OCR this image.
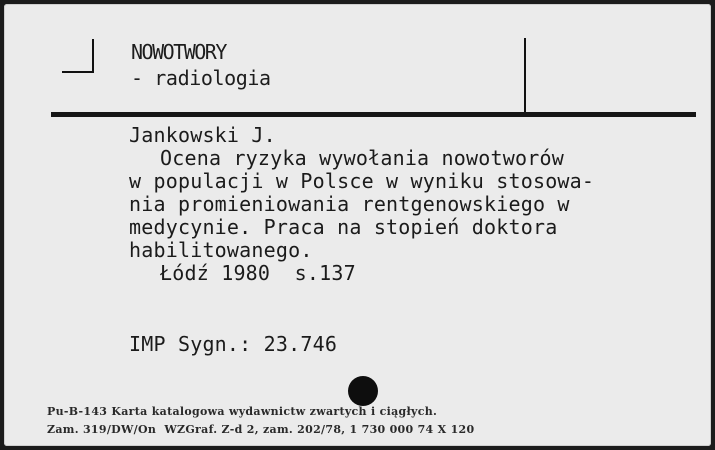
NOWOTWORY
- radiologia
Jankowski J.
Ocena ryzyka wywołania nowotworów
w populacji w Polsce w wyniku stosowa-
nia promieniowania rentgenowskiego w
medycynie. Praca na stopień doktora
habilitowanego.
Łódź 1980  s.137
IMP Sygn.: 23.746
Pu-B-143 Karta katalogowa wydawnictw zwartych i ciągłych.
Zam. 319/DW/On  WZGraf. Z-d 2, zam. 202/78, 1 730 000 74 X 120
